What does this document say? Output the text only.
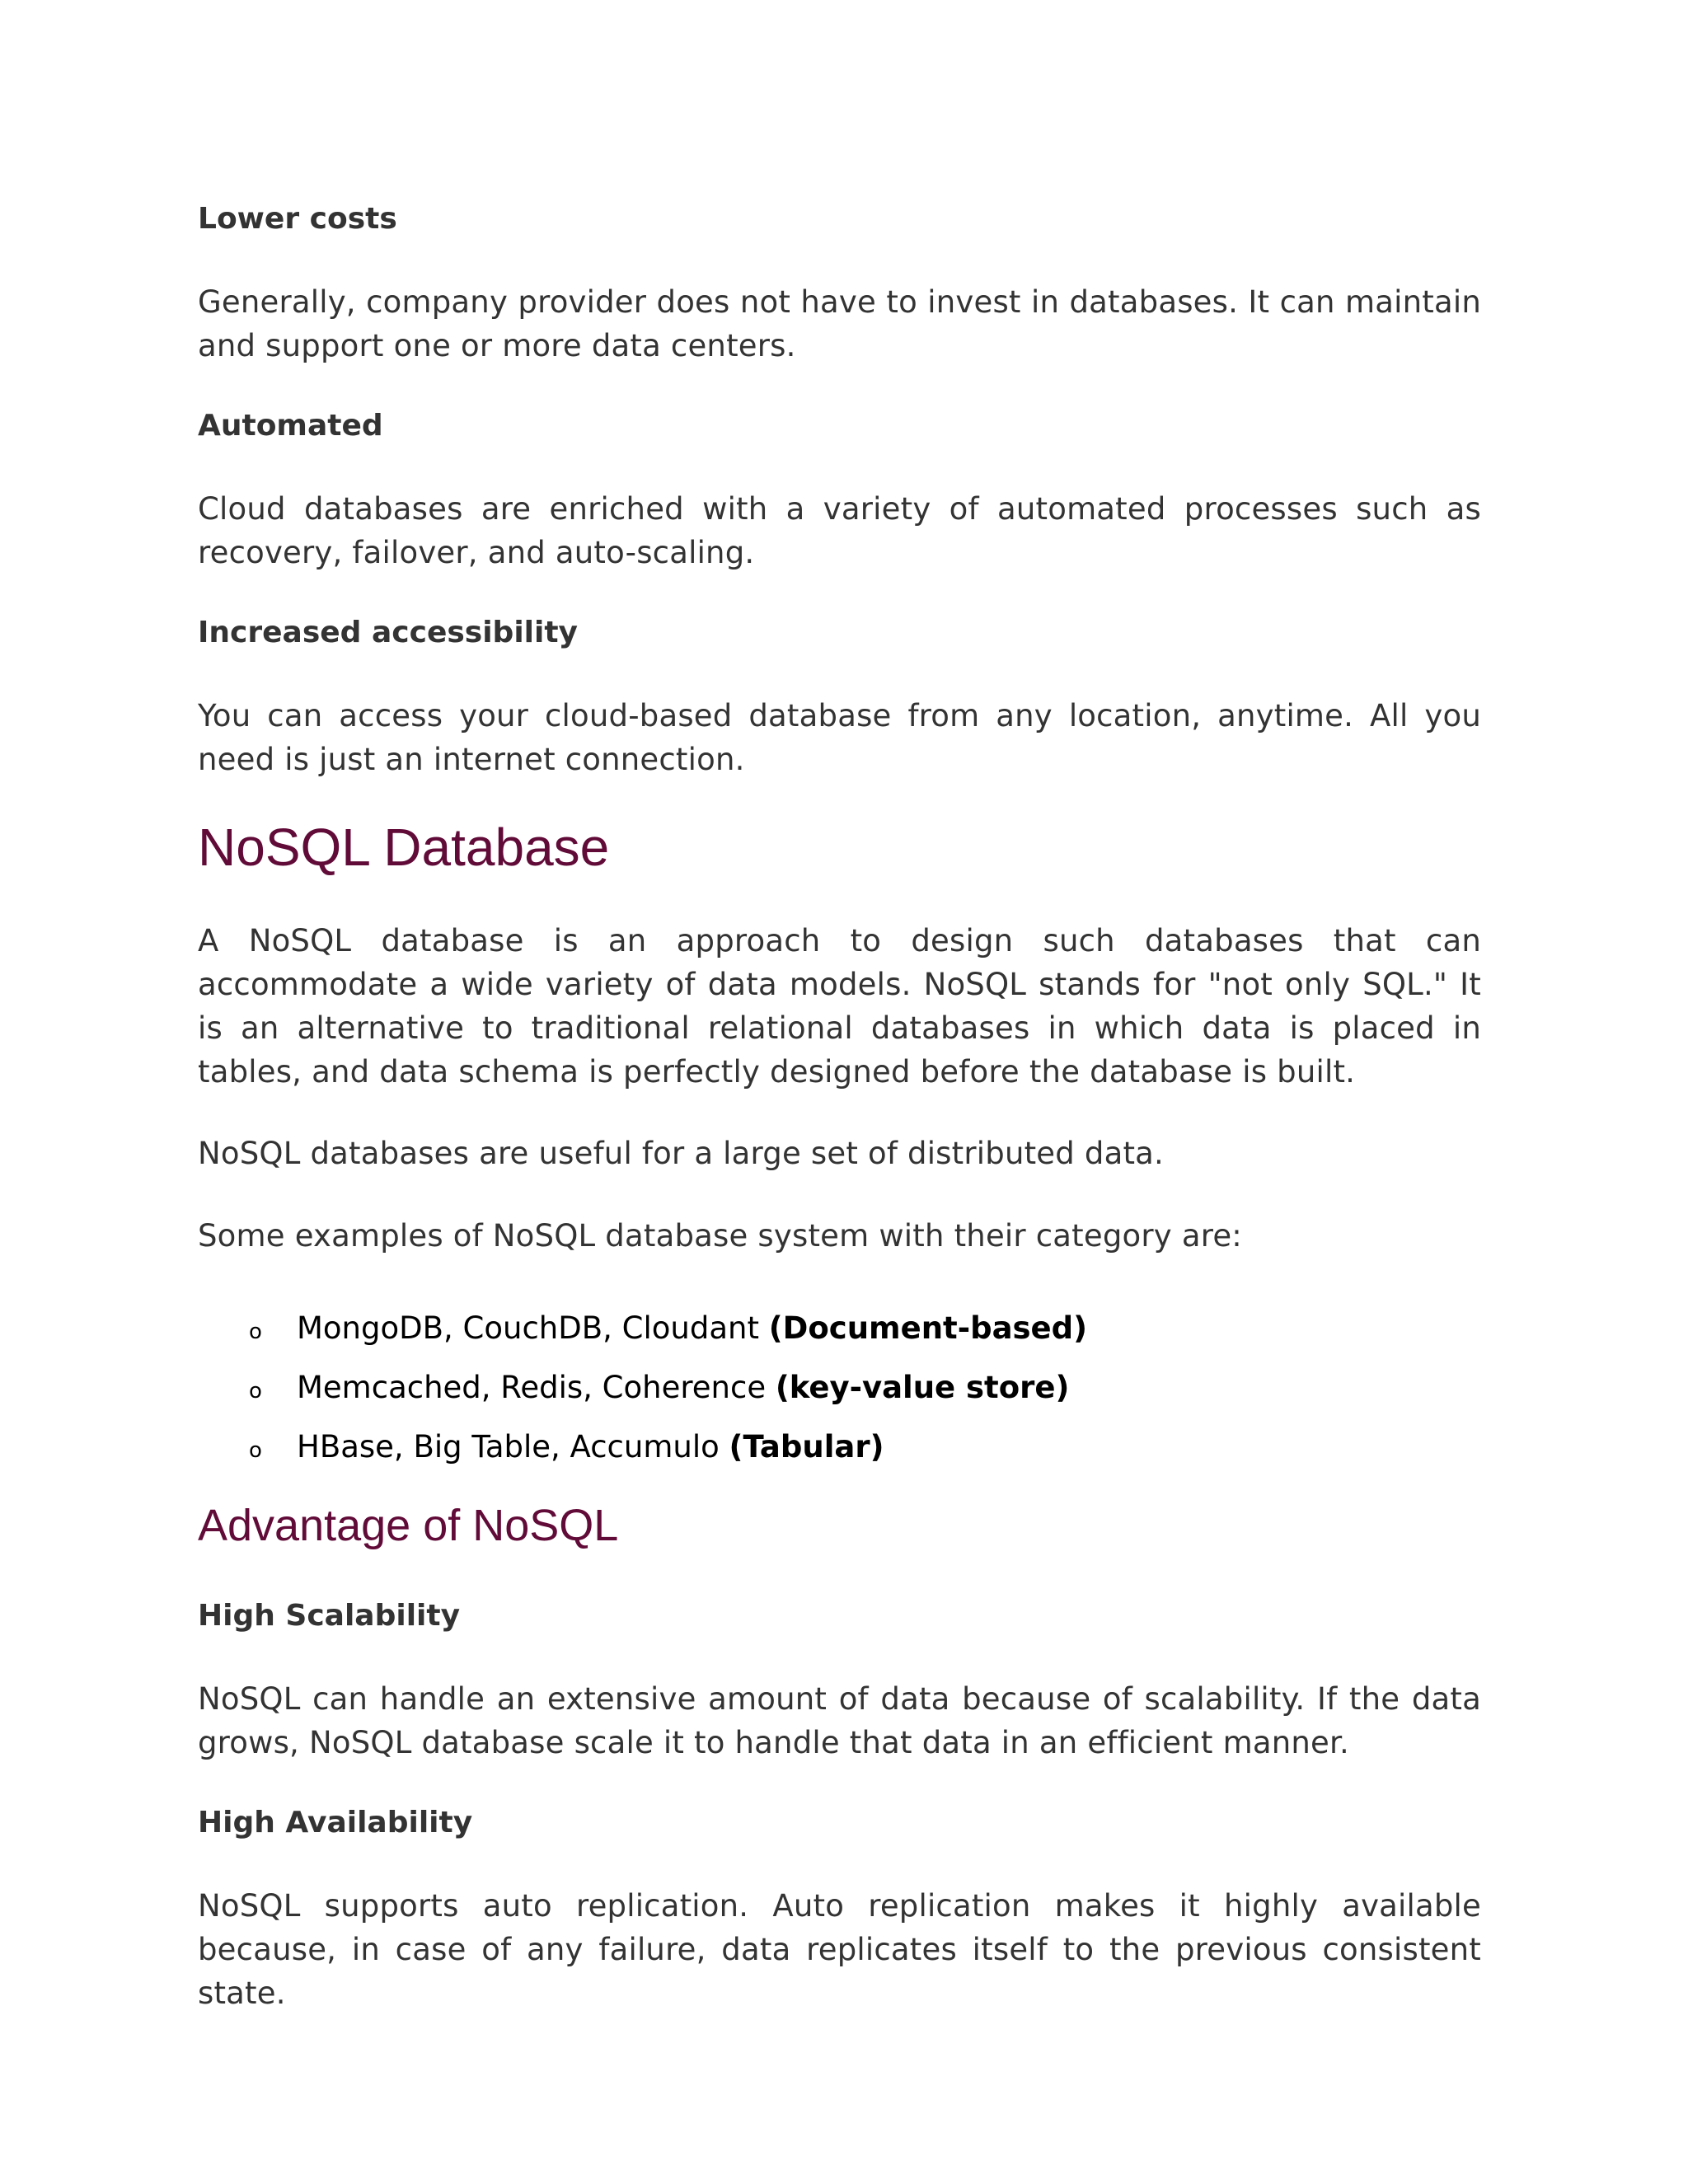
Lower costs

Generally, company provider does not have to invest in databases. It can maintain and support one or more data centers.

Automated

Cloud databases are enriched with a variety of automated processes such as recovery, failover, and auto-scaling.

Increased accessibility

You can access your cloud-based database from any location, anytime. All you need is just an internet connection.

NoSQL Database

A NoSQL database is an approach to design such databases that can accommodate a wide variety of data models. NoSQL stands for "not only SQL." It is an alternative to traditional relational databases in which data is placed in tables, and data schema is perfectly designed before the database is built.

NoSQL databases are useful for a large set of distributed data.

Some examples of NoSQL database system with their category are:

o MongoDB, CouchDB, Cloudant (Document-based)
o Memcached, Redis, Coherence (key-value store)
o HBase, Big Table, Accumulo (Tabular)
Advantage of NoSQL
High Scalability

NoSQL can handle an extensive amount of data because of scalability. If the data grows, NoSQL database scale it to handle that data in an efficient manner.

High Availability

NoSQL supports auto replication. Auto replication makes it highly available because, in case of any failure, data replicates itself to the previous consistent state.
